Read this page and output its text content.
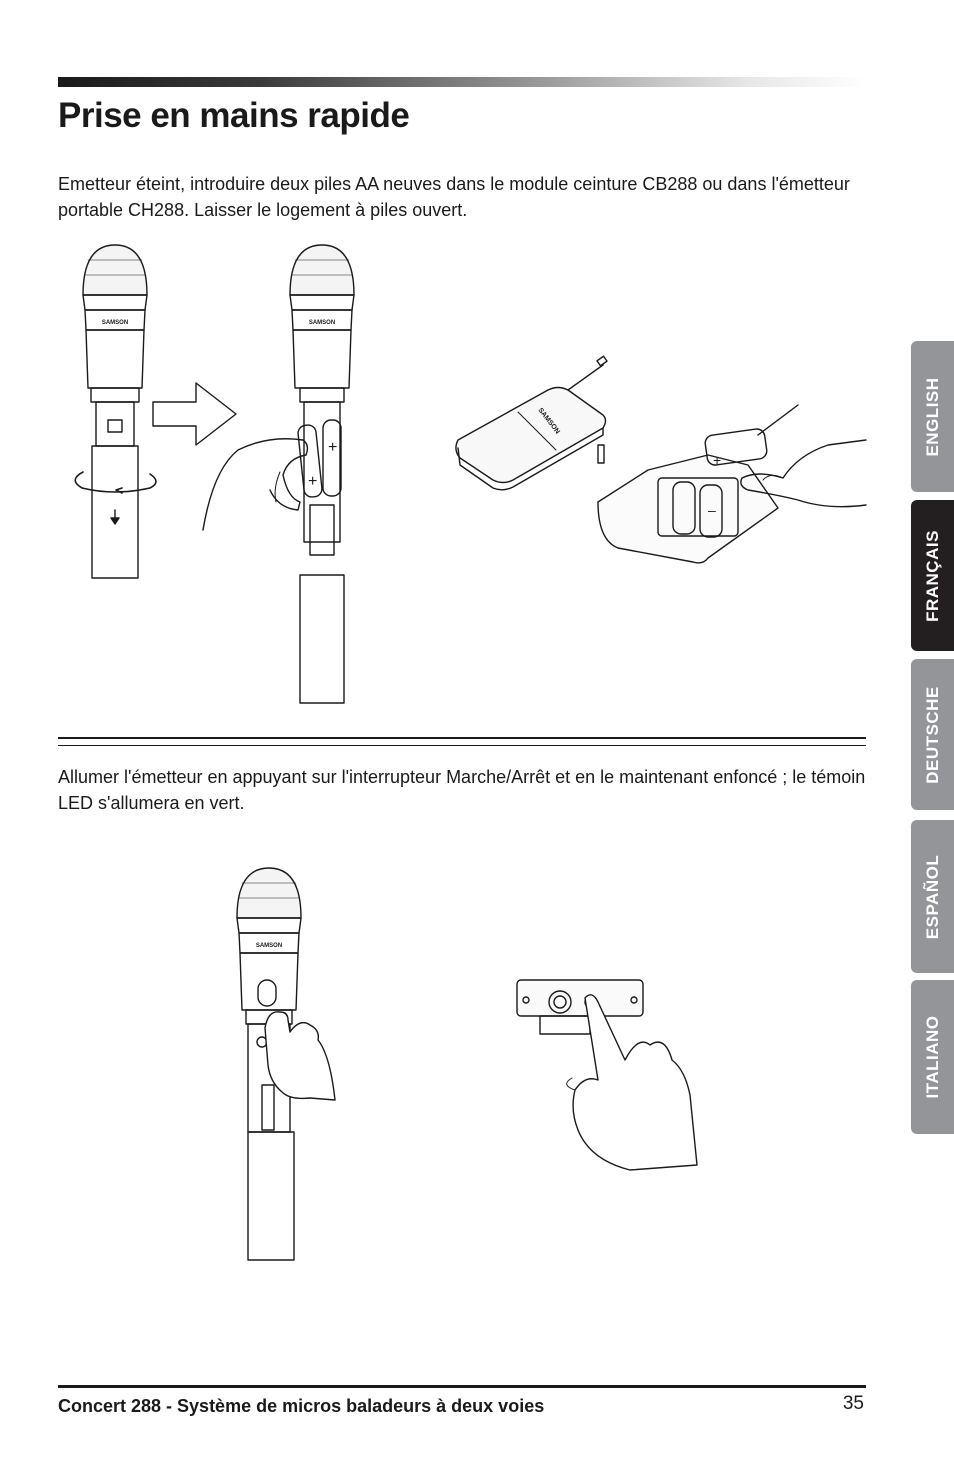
Prise en mains rapide

Emetteur éteint, introduire deux piles AA neuves dans le module ceinture CB288 ou dans l'émetteur portable CH288. Laisser le logement à piles ouvert.

SAMSON	SAMSON
+
+
SAMSON
–
+

Allumer l'émetteur en appuyant sur l'interrupteur Marche/Arrêt et en le maintenant enfoncé ; le témoin LED s'allumera en vert.

SAMSON
Concert 288 - Système de micros baladeurs à deux voies	35
ENGLISH
FRANÇAIS
DEUTSCHE
ESPAÑOL
ITALIANO
